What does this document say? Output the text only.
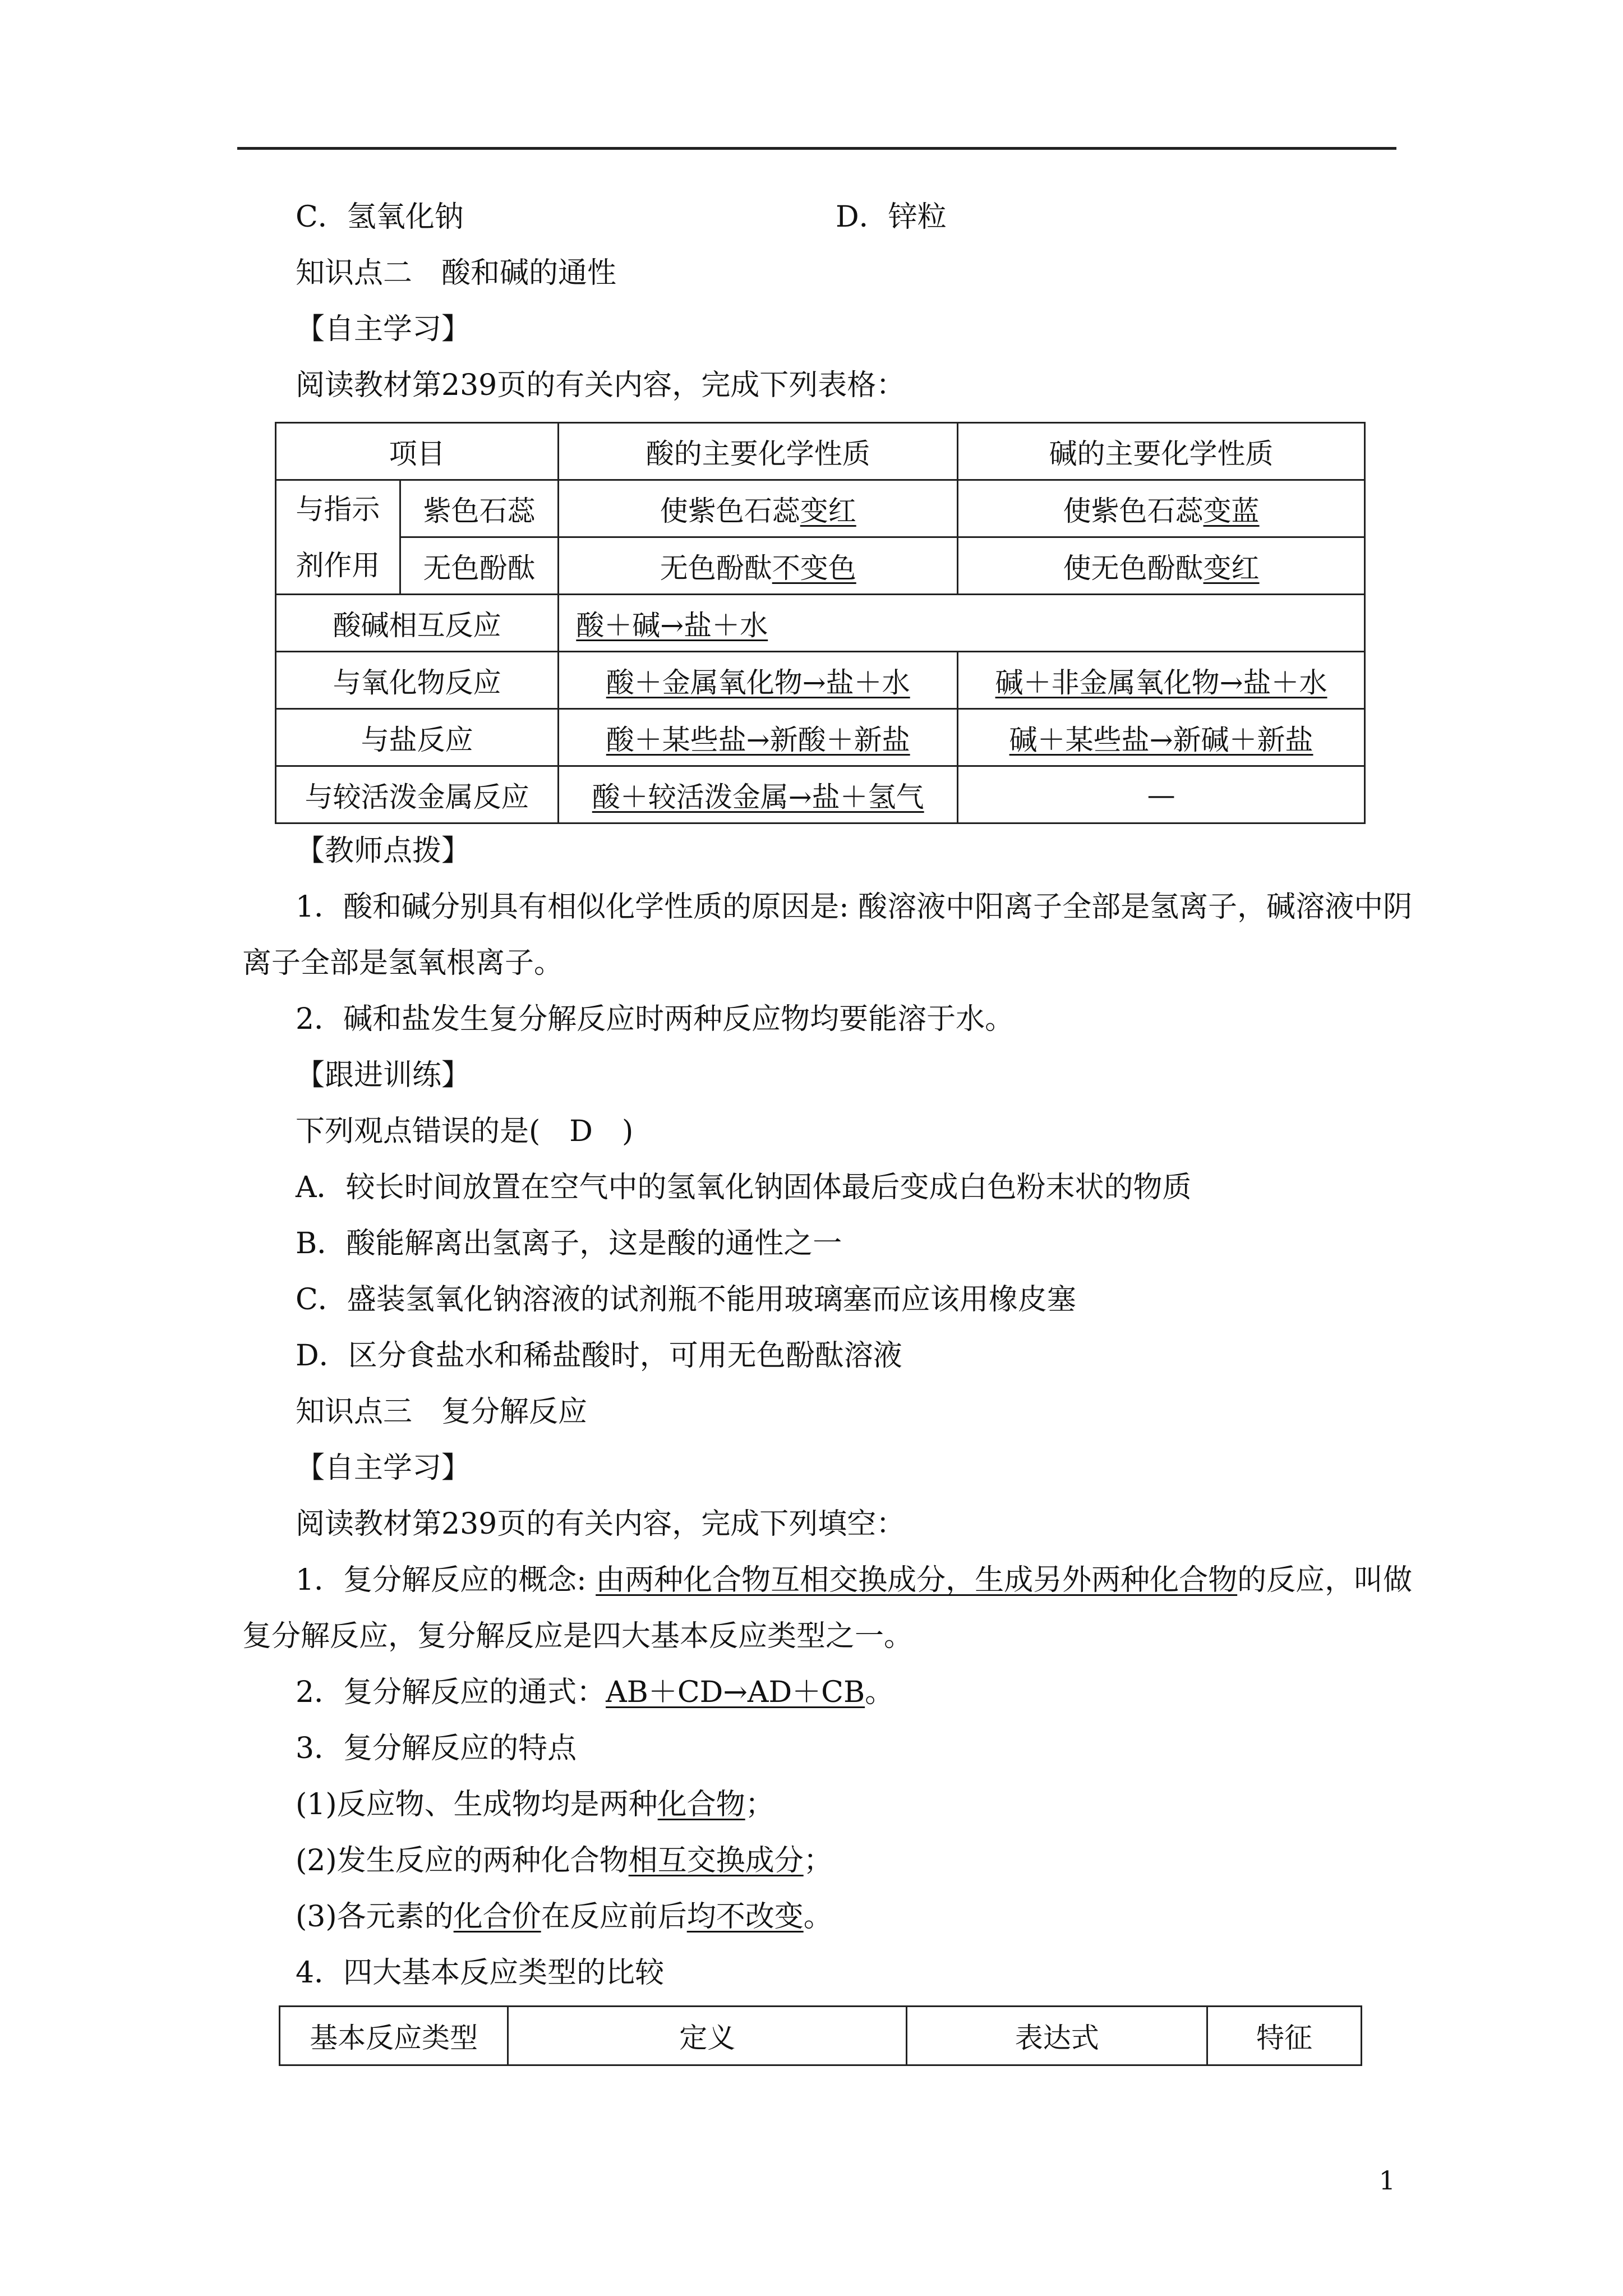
C．氢氧化钠	D．锌粒
知识点二　酸和碱的通性
【自主学习】
阅读教材第239页的有关内容，完成下列表格：
项目		酸的主要化学性质	碱的主要化学性质
与指示
剂作用	紫色石蕊	使紫色石蕊变红	使紫色石蕊变蓝
	无色酚酞	无色酚酞不变色	使无色酚酞变红
酸碱相互反应		酸＋碱→盐＋水	
与氧化物反应		酸＋金属氧化物→盐＋水	碱＋非金属氧化物→盐＋水
与盐反应		酸＋某些盐→新酸＋新盐	碱＋某些盐→新碱＋新盐
与较活泼金属反应		酸＋较活泼金属→盐＋氢气	—
【教师点拨】
1．酸和碱分别具有相似化学性质的原因是: 酸溶液中阳离子全部是氢离子，碱溶液中阴
离子全部是氢氧根离子。
2．碱和盐发生复分解反应时两种反应物均要能溶于水。
【跟进训练】
下列观点错误的是(　D　)
A．较长时间放置在空气中的氢氧化钠固体最后变成白色粉末状的物质
B．酸能解离出氢离子，这是酸的通性之一
C．盛装氢氧化钠溶液的试剂瓶不能用玻璃塞而应该用橡皮塞
D．区分食盐水和稀盐酸时，可用无色酚酞溶液
知识点三　复分解反应
【自主学习】
阅读教材第239页的有关内容，完成下列填空：
1．复分解反应的概念: 由两种化合物互相交换成分，生成另外两种化合物的反应，叫做
复分解反应，复分解反应是四大基本反应类型之一。
2．复分解反应的通式：AB＋CD→AD＋CB。
3．复分解反应的特点
(1)反应物、生成物均是两种化合物；
(2)发生反应的两种化合物相互交换成分；
(3)各元素的化合价在反应前后均不改变。
4．四大基本反应类型的比较
基本反应类型	定义	表达式	特征
1
